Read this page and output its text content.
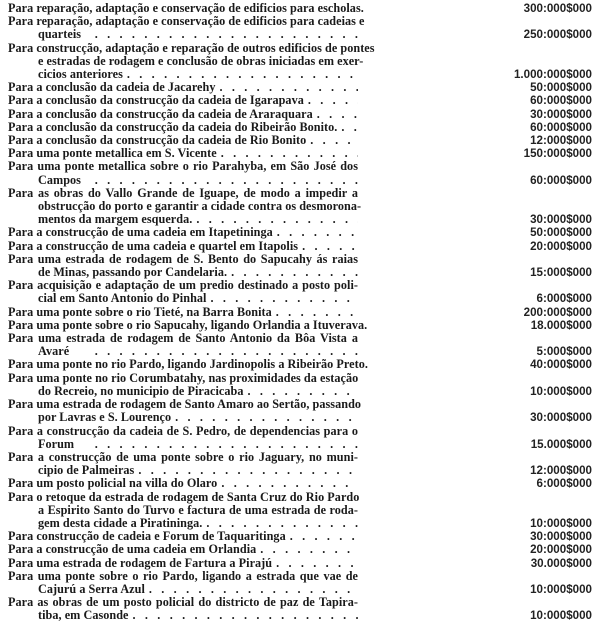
Para reparação, adaptação e conservação de edificios para escholas.	300:000$000
Para reparação, adaptação e conservação de edificios para cadeias e
quarteis . .	250:000$000
Para construcção, adaptação e reparação de outros edificios de pontes
e estradas de rodagem e conclusão de obras iniciadas em exer-
cicios anteriores . .	1.000:000$000
Para a conclusão da cadeia de Jacarehy . .	50:000$000
Para a conclusão da construcção da cadeia de Igarapava . .	60:000$000
Para a conclusão da construcção da cadeia de Araraquara . .	30:000$000
Para a conclusão da construcção da cadeia do Ribeirão Bonito. . .	60:000$000
Para a conclusão da construcção da cadeia de Rio Bonito . .	12:000$000
Para uma ponte metallica em S. Vicente . .	150:000$000
Para uma ponte metallica sobre o rio Parahyba, em São José dos
Campos . .	60:000$000
Para as obras do Vallo Grande de Iguape, de modo a impedir a
obstrucção do porto e garantir a cidade contra os desmorona-
mentos da margem esquerda. . .	30:000$000
Para a construcção de uma cadeia em Itapetininga . .	50:000$000
Para a construcção de uma cadeia e quartel em Itapolis . .	20:000$000
Para uma estrada de rodagem de S. Bento do Sapucahy ás raias
de Minas, passando por Candelaria. . .	15:000$000
Para acquisição e adaptação de um predio destinado a posto poli-
cial em Santo Antonio do Pinhal . .	6:000$000
Para uma ponte sobre o rio Tieté, na Barra Bonita . .	200:000$000
Para uma ponte sobre o rio Sapucahy, ligando Orlandia a Ituverava.	18.000$000
Para uma estrada de rodagem de Santo Antonio da Bôa Vista a
Avaré . .	5:000$000
Para uma ponte no rio Pardo, ligando Jardinopolis a Ribeirão Preto.	40:000$000
Para uma ponte no rio Corumbatahy, nas proximidades da estação
do Recreio, no municipio de Piracicaba . .	10:000$000
Para uma estrada de rodagem de Santo Amaro ao Sertão, passando
por Lavras e S. Lourenço . .	30:000$000
Para a construcção da cadeia de S. Pedro, de dependencias para o
Forum . .	15.000$000
Para a construcção de uma ponte sobre o rio Jaguary, no muni-
cipio de Palmeiras . .	12:000$000
Para um posto policial na villa do Olaro . .	6:000$000
Para o retoque da estrada de rodagem de Santa Cruz do Rio Pardo
a Espirito Santo do Turvo e factura de uma estrada de roda-
gem desta cidade a Piratininga. . .	10:000$000
Para construcção de cadeia e Forum de Taquaritinga . .	30:000$000
Para a construcção de uma cadeia em Orlandia . .	20:000$000
Para uma estrada de rodagem de Fartura a Pirajú . .	30.000$000
Para uma ponte sobre o rio Pardo, ligando a estrada que vae de
Cajurú a Serra Azul . .	10:000$000
Para as obras de um posto policial do districto de paz de Tapira-
tiba, em Casonde . .	10:000$000
